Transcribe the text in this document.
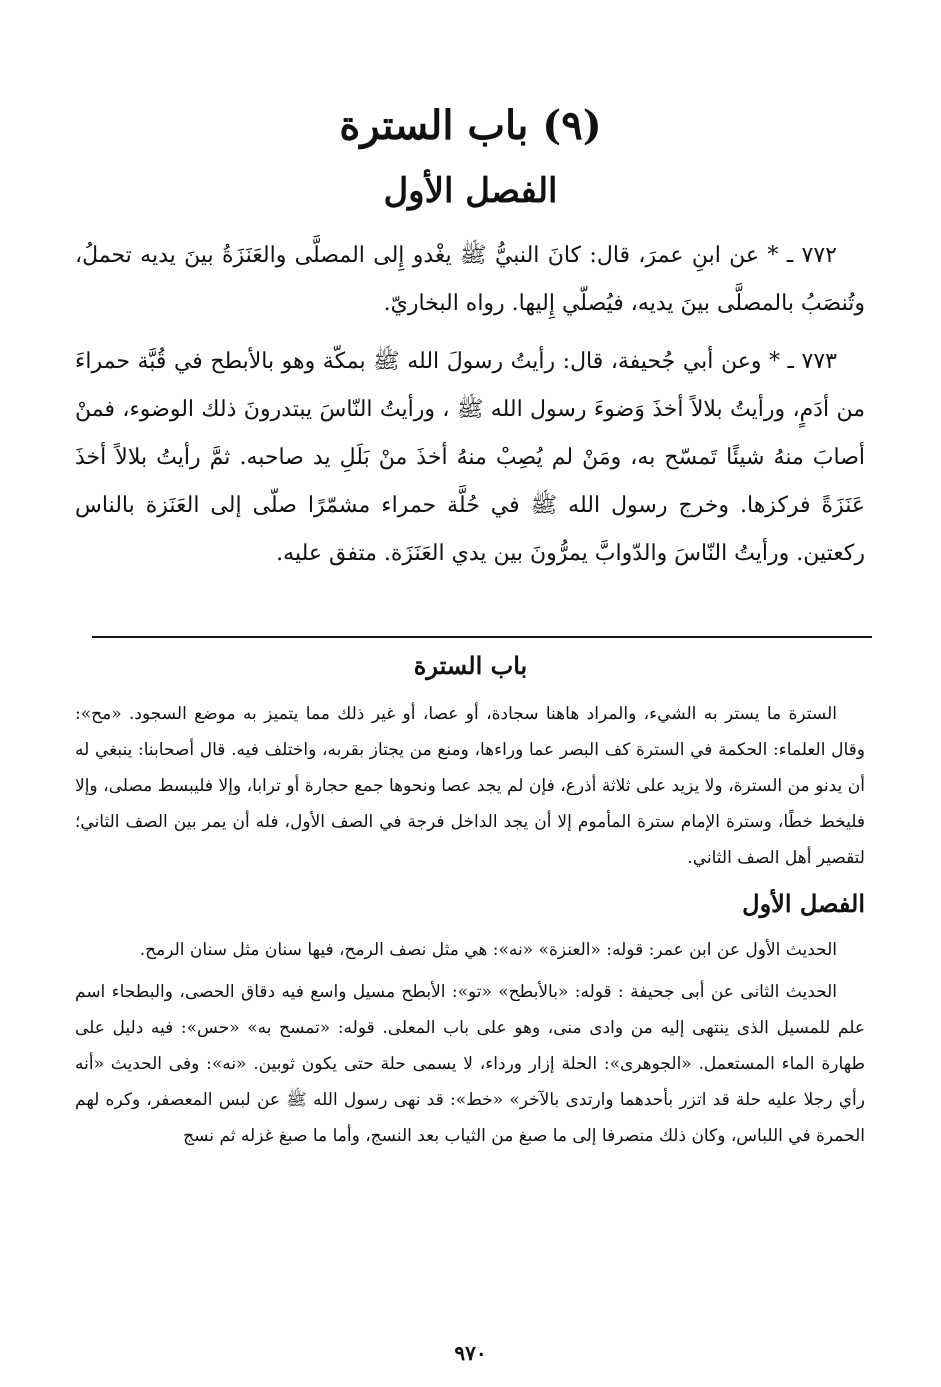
(٩) باب السترة
الفصل الأول

٧٧٢ ـ * عن ابنِ عمرَ، قال: كانَ النبيُّ ﷺ يغْدو إِلى المصلَّى والعَنَزَةُ بينَ يديه تحملُ، وتُنصَبُ بالمصلَّى بينَ يديه، فيُصلّي إِليها. رواه البخاريّ.

٧٧٣ ـ * وعن أبي جُحيفة، قال: رأيتُ رسولَ الله ﷺ بمكّة وهو بالأبطح في قُبَّة حمراءَ من أدَمٍ، ورأيتُ بلالاً أخذَ وَضوءَ رسول الله ﷺ ، ورأيتُ النّاسَ يبتدرونَ ذلك الوضوء، فمنْ أصابَ منهُ شيئًا تَمسّح به، ومَنْ لم يُصِبْ منهُ أخذَ منْ بَلَلِ يد صاحبه. ثمَّ رأيتُ بلالاً أخذَ عَنَزَةً فركزها. وخرج رسول الله ﷺ في حُلَّة حمراء مشمّرًا صلّى إلى العَنَزة بالناس ركعتين. ورأيتُ النّاسَ والدّوابَّ يمرُّونَ بين يدي العَنَزَة. متفق عليه.

باب السترة

السترة ما يستر به الشيء، والمراد هاهنا سجادة، أو عصا، أو غير ذلك مما يتميز به موضع السجود. «مح»: وقال العلماء: الحكمة في السترة كف البصر عما وراءها، ومنع من يجتاز بقربه، واختلف فيه. قال أصحابنا: ينبغي له أن يدنو من السترة، ولا يزيد على ثلاثة أذرع، فإن لم يجد عصا ونحوها جمع حجارة أو ترابا، وإلا فليبسط مصلى، وإلا فليخط خطًا، وسترة الإمام سترة المأموم إلا أن يجد الداخل فرجة في الصف الأول، فله أن يمر بين الصف الثاني؛ لتقصير أهل الصف الثاني.

الفصل الأول

الحديث الأول عن ابن عمر: قوله: «العنزة» «نه»: هي مثل نصف الرمح، فيها سنان مثل سنان الرمح.

الحديث الثانى عن أبى جحيفة : قوله: «بالأبطح» «تو»: الأبطح مسيل واسع فيه دقاق الحصى، والبطحاء اسم علم للمسيل الذى ينتهى إليه من وادى منى، وهو على باب المعلى. قوله: «تمسح به» «حس»: فيه دليل على طهارة الماء المستعمل. «الجوهرى»: الحلة إزار ورداء، لا يسمى حلة حتى يكون ثوبين. «نه»: وفى الحديث «أنه رأي رجلا عليه حلة قد اتزر بأحدهما وارتدى بالآخر» «خط»: قد نهى رسول الله ﷺ عن لبس المعصفر، وكره لهم الحمرة في اللباس، وكان ذلك منصرفا إلى ما صبغ من الثياب بعد النسج، وأما ما صبغ غزله ثم نسج

٩٧٠
